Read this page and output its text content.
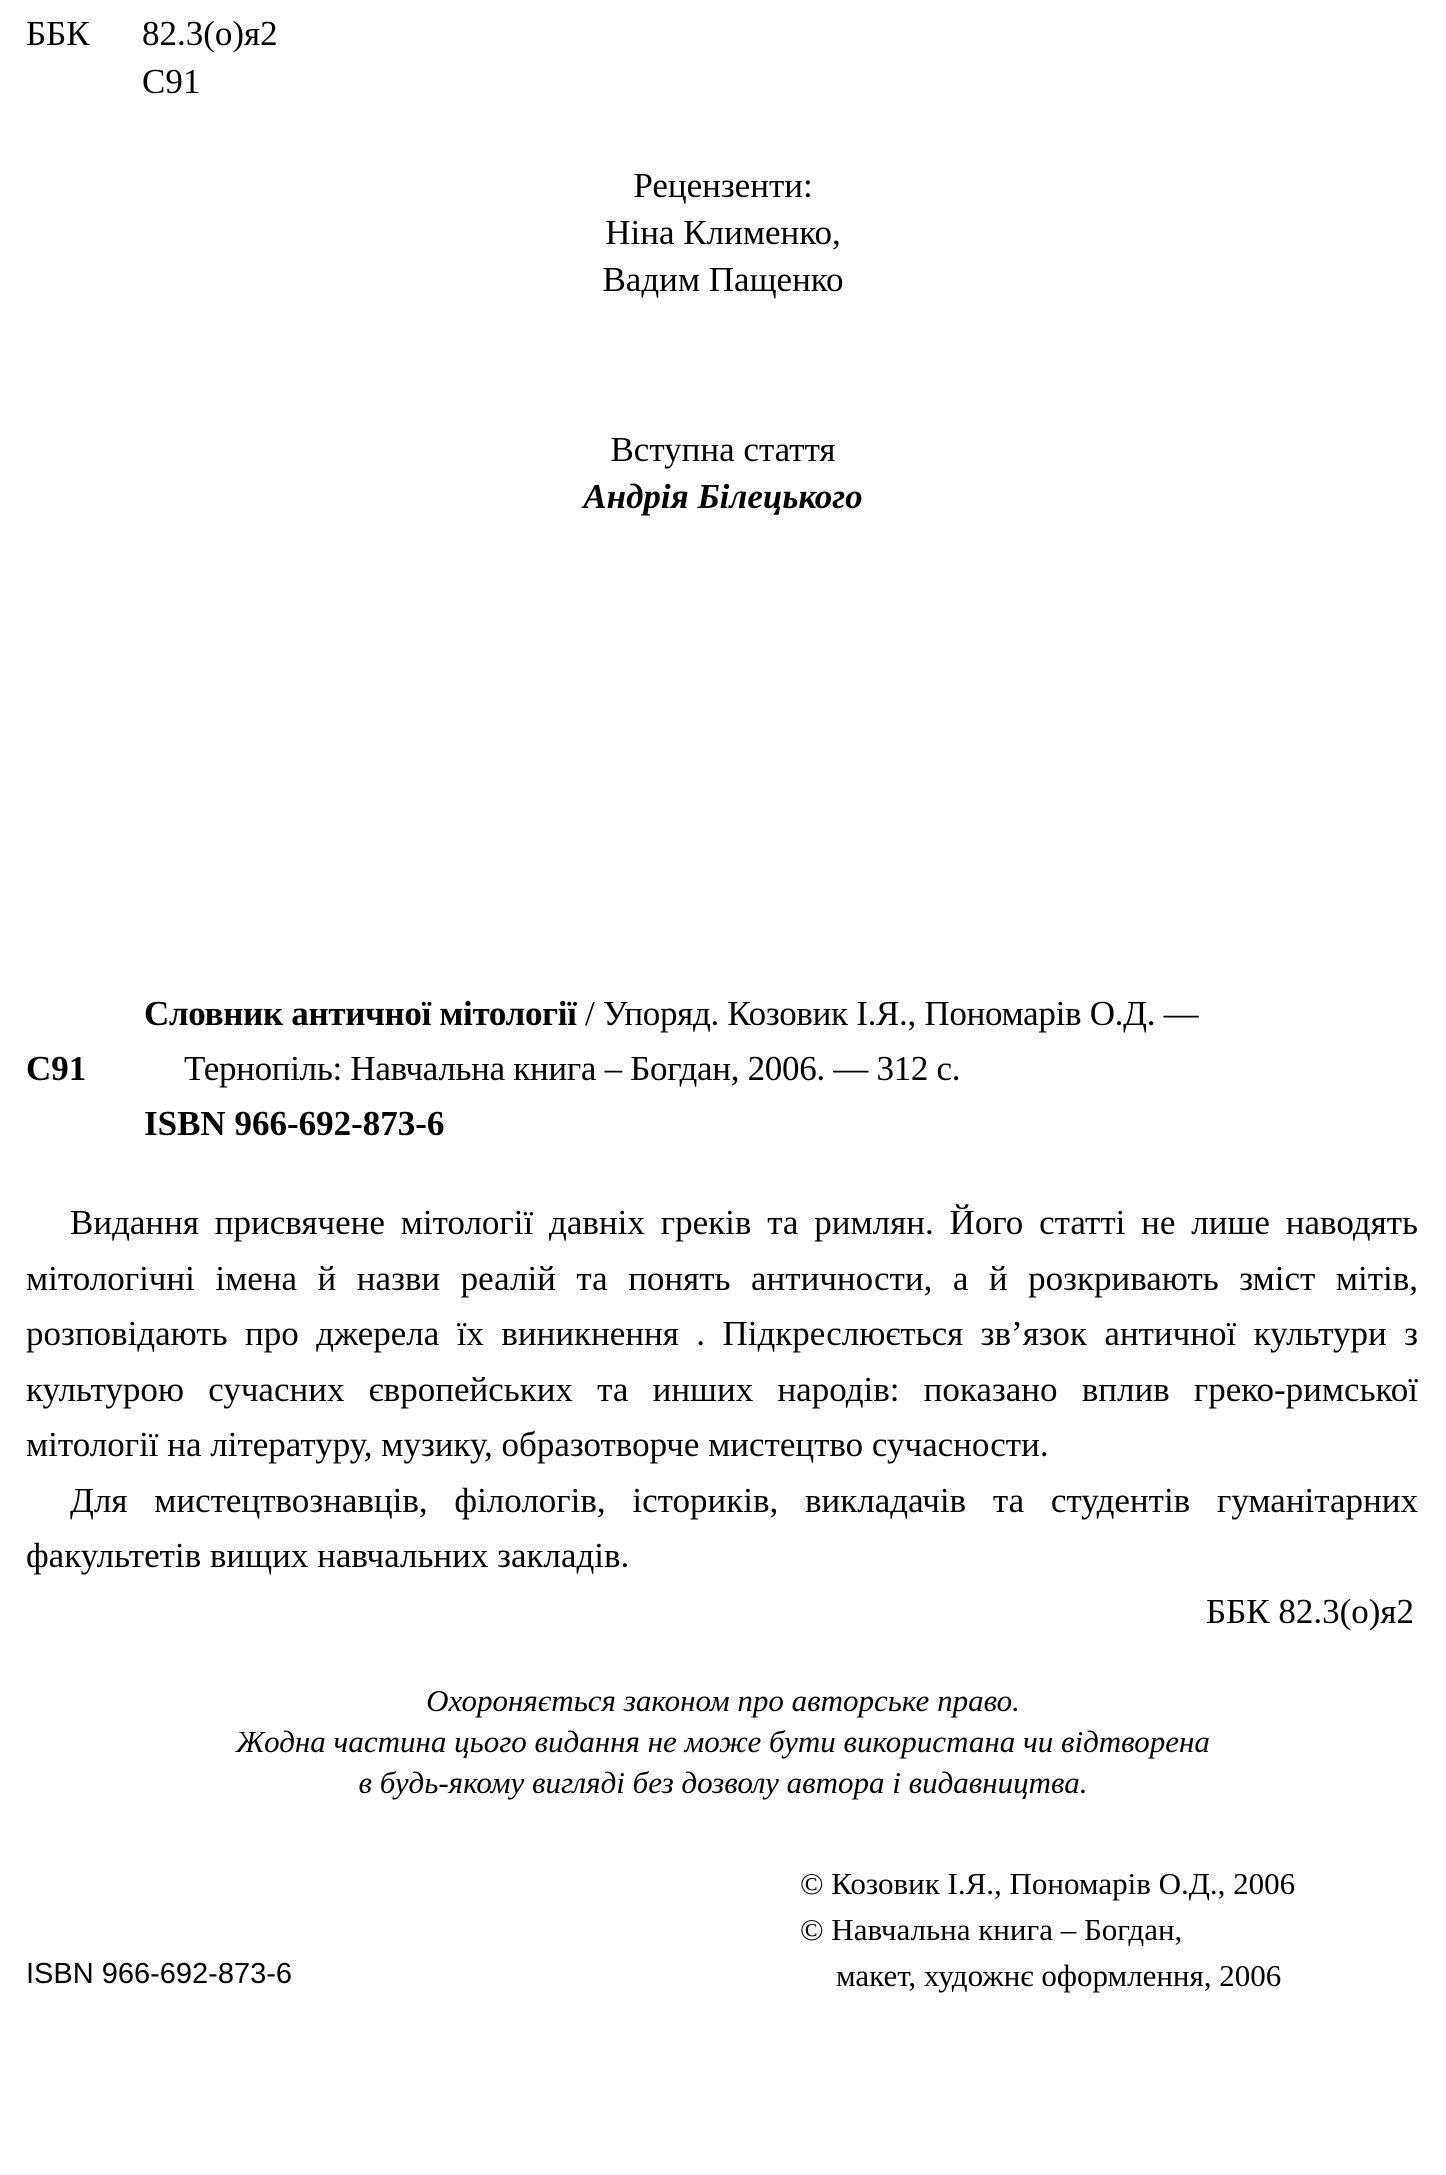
ББК 82.3(о)я2
С91
Рецензенти:
Ніна Клименко,
Вадим Пащенко
Вступна стаття
Андрія Білецького
Словник античної мітології / Упоряд. Козовик І.Я., Пономарів О.Д. —
С91	Тернопіль: Навчальна книга – Богдан, 2006. — 312 с.
ISBN 966-692-873-6

Видання присвячене мітології давніх греків та римлян. Його статті не лише наводять мітологічні імена й назви реалій та понять античности, а й розкривають зміст мітів, розповідають про джерела їх виникнення . Підкреслюється зв’язок античної культури з культурою сучасних європейських та инших народів: показано вплив греко-римської мітології на літературу, музику, образотворче мистецтво сучасности.

Для мистецтвознавців, філологів, істориків, викладачів та студентів гуманітарних факультетів вищих навчальних закладів.

ББК 82.3(о)я2
Охороняється законом про авторське право.
Жодна частина цього видання не може бути використана чи відтворена
в будь-якому вигляді без дозволу автора і видавництва.
© Козовик І.Я., Пономарів О.Д., 2006
© Навчальна книга – Богдан,
макет, художнє оформлення, 2006
ISBN 966-692-873-6
